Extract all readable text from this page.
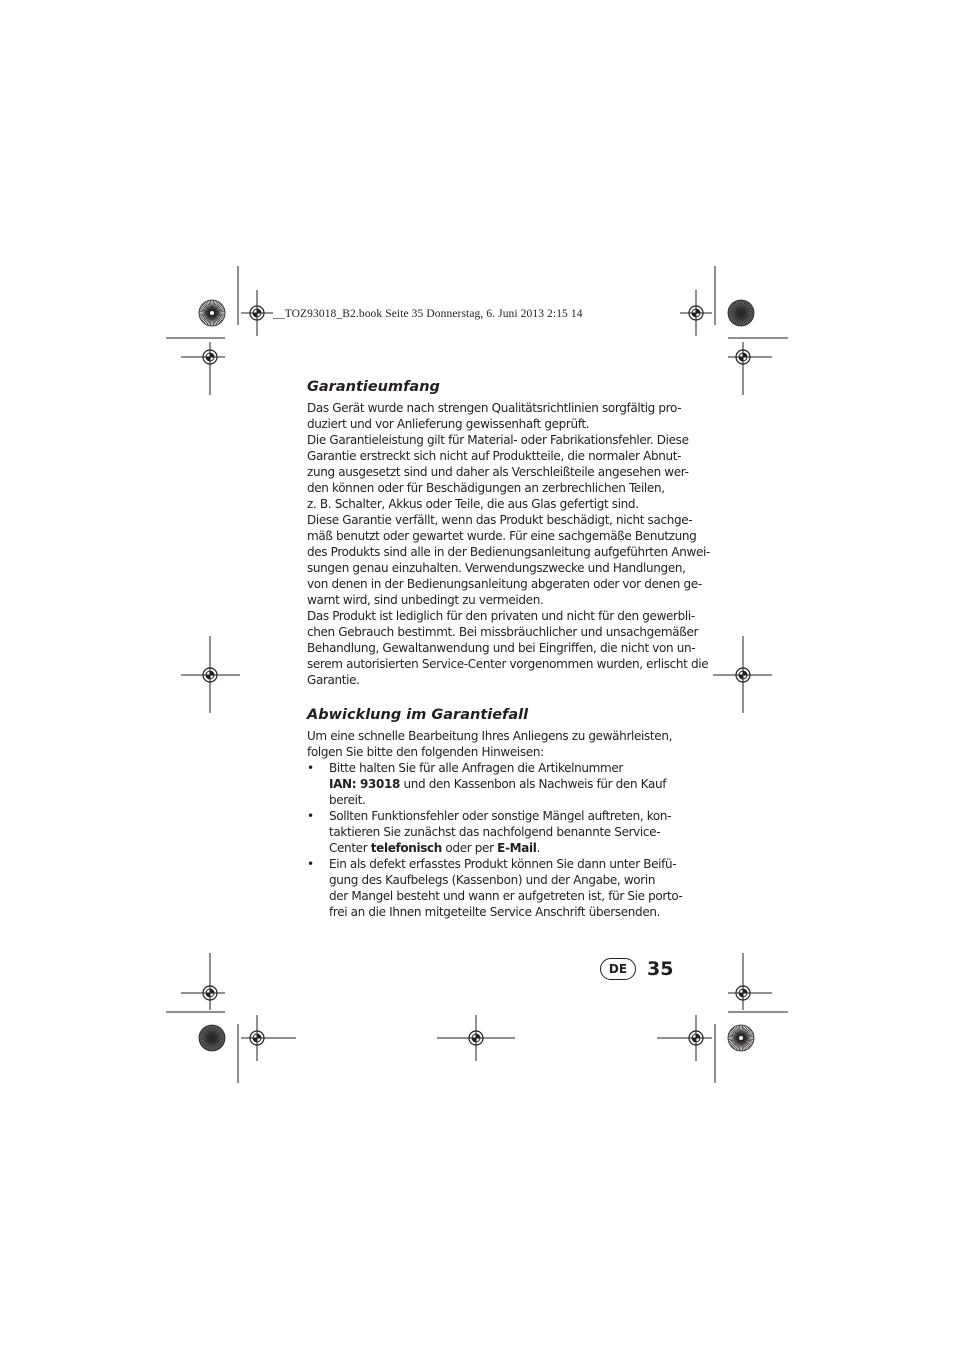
__TOZ93018_B2.book Seite 35 Donnerstag, 6. Juni 2013 2:15 14
Garantieumfang
Das Gerät wurde nach strengen Qualitätsrichtlinien sorgfältig pro-
duziert und vor Anlieferung gewissenhaft geprüft.
Die Garantieleistung gilt für Material- oder Fabrikationsfehler. Diese
Garantie erstreckt sich nicht auf Produktteile, die normaler Abnut-
zung ausgesetzt sind und daher als Verschleißteile angesehen wer-
den können oder für Beschädigungen an zerbrechlichen Teilen,
z. B. Schalter, Akkus oder Teile, die aus Glas gefertigt sind.
Diese Garantie verfällt, wenn das Produkt beschädigt, nicht sachge-
mäß benutzt oder gewartet wurde. Für eine sachgemäße Benutzung
des Produkts sind alle in der Bedienungsanleitung aufgeführten Anwei-
sungen genau einzuhalten. Verwendungszwecke und Handlungen,
von denen in der Bedienungsanleitung abgeraten oder vor denen ge-
warnt wird, sind unbedingt zu vermeiden.
Das Produkt ist lediglich für den privaten und nicht für den gewerbli-
chen Gebrauch bestimmt. Bei missbräuchlicher und unsachgemäßer
Behandlung, Gewaltanwendung und bei Eingriffen, die nicht von un-
serem autorisierten Service-Center vorgenommen wurden, erlischt die
Garantie.
Abwicklung im Garantiefall
Um eine schnelle Bearbeitung Ihres Anliegens zu gewährleisten,
folgen Sie bitte den folgenden Hinweisen:
• Bitte halten Sie für alle Anfragen die Artikelnummer
IAN: 93018 und den Kassenbon als Nachweis für den Kauf
bereit.
• Sollten Funktionsfehler oder sonstige Mängel auftreten, kon-
taktieren Sie zunächst das nachfolgend benannte Service-
Center telefonisch oder per E-Mail.
• Ein als defekt erfasstes Produkt können Sie dann unter Beifü-
gung des Kaufbelegs (Kassenbon) und der Angabe, worin
der Mangel besteht und wann er aufgetreten ist, für Sie porto-
frei an die Ihnen mitgeteilte Service Anschrift übersenden.
DE	35
